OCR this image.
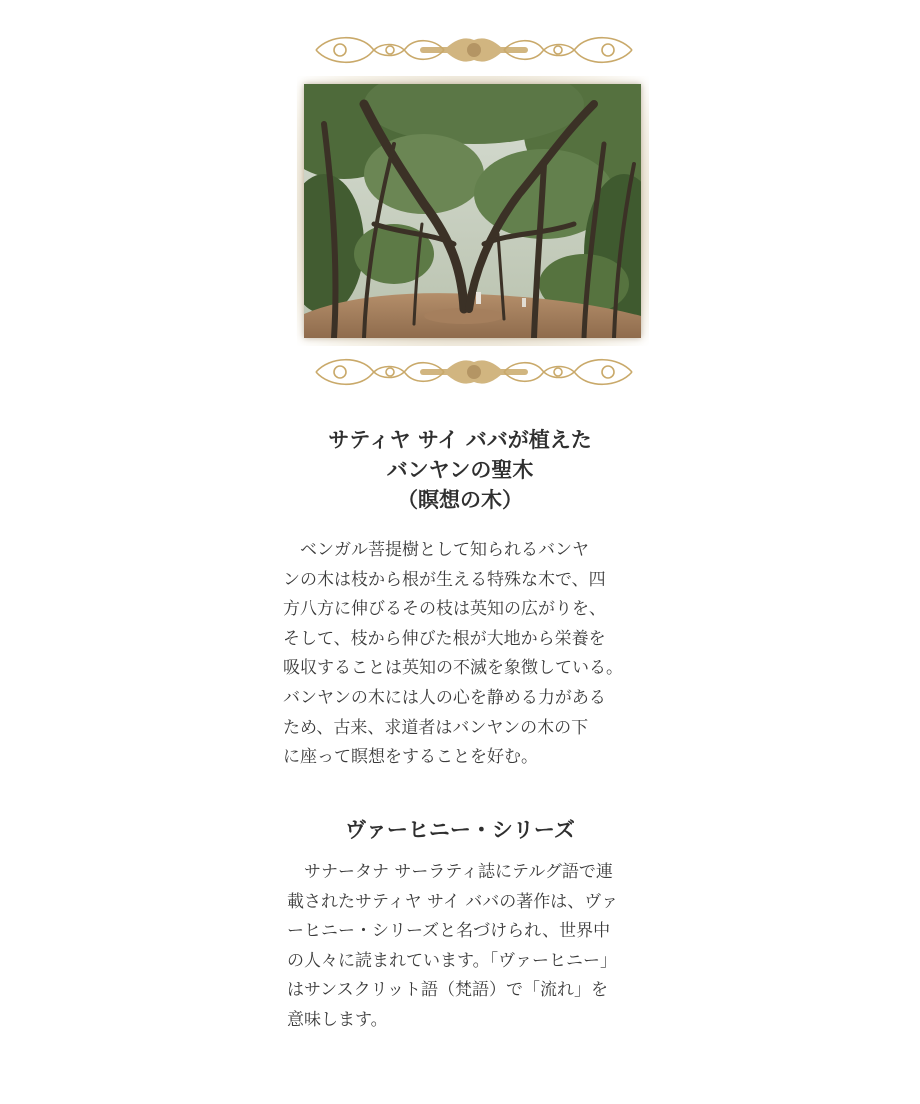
サティヤ サイ ババが植えた
バンヤンの聖木
（瞑想の木）

　ベンガル菩提樹として知られるバンヤ
ンの木は枝から根が生える特殊な木で、四
方八方に伸びるその枝は英知の広がりを、
そして、枝から伸びた根が大地から栄養を
吸収することは英知の不滅を象徴している。
バンヤンの木には人の心を静める力がある
ため、古来、求道者はバンヤンの木の下
に座って瞑想をすることを好む。

ヴァーヒニー・シリーズ

　サナータナ サーラティ誌にテルグ語で連
載されたサティヤ サイ ババの著作は、ヴァ
ーヒニー・シリーズと名づけられ、世界中
の人々に読まれています。「ヴァーヒニー」
はサンスクリット語（梵語）で「流れ」を
意味します。
